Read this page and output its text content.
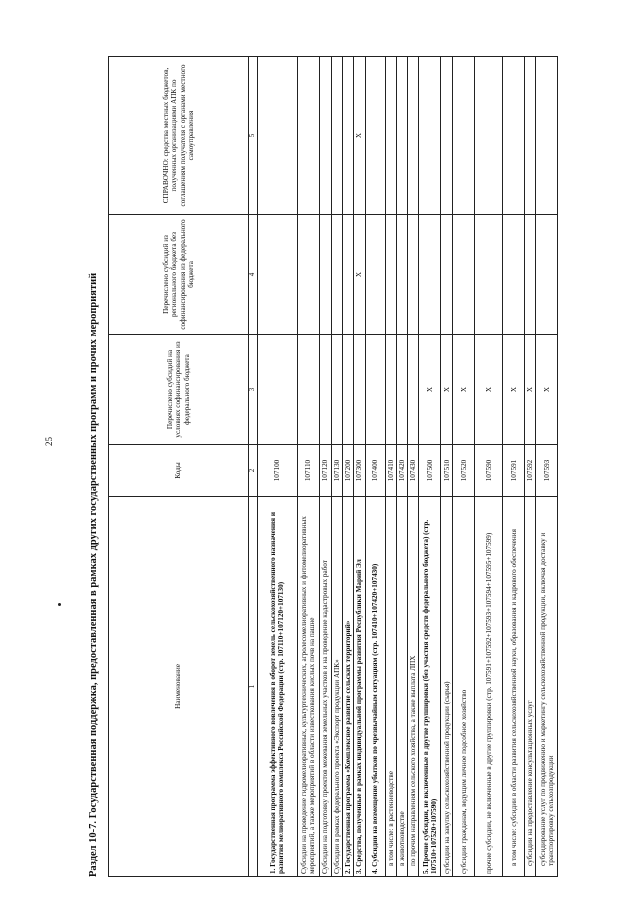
25	Раздел 10-7. Государственная поддержка, предоставленная в рамках других государственных программ и прочих мероприятий	Наименование	Коды	Перечислено субсидий на условиях софинансирования из федерального бюджета	Перечислено субсидий из регионального бюджета без софинансирования из федерального бюджета	СПРАВОЧНО: средства местных бюджетов, полученных организациями АПК по соглашениям получателя с органами местного самоуправления
1	2	3	4	5
1. Государственная программа эффективного вовлечения в оборот земель сельскохозяйственного назначения и развития мелиоративного комплекса Российской Федерации (стр. 107110+107120+107130)	107100			
Субсидии на проведение гидромелиоративных, культуртехнических, агролесомелиоративных и фитомелиоративных мероприятий, а также мероприятий в области известкования кислых почв на пашне	107110			
Субсидии на подготовку проектов межевания земельных участков и на проведение кадастровых работ	107120			
Субсидии в рамках федерального проекта «Экспорт продукции АПК»	107130			
2. Государственная программа «Комплексное развитие сельских территорий»	107200			
3. Средства, полученные в рамках индивидуальной программы развития Республики Марий Эл	107300		X	X
4. Субсидии на возмещение убытков по чрезвычайным ситуациям (стр. 107410+107420+107430)	107400			
в том числе: в растениеводстве	107410			
в животноводстве	107420			
по прочим направлениям сельского хозяйства, а также выплата ЛПХ	107430			
5. Прочие субсидии, не включенные в другие группировки (без участия средств федерального бюджета) (стр. 107510+107520+107590)	107500	X		
субсидии на закупку сельскохозяйственной продукции (сырья)	107510	X		
субсидии гражданам, ведущим личное подсобное хозяйство	107520	X		
прочие субсидии, не включенные в другие группировки (стр. 107591+107592+107593+107594+107595+107599)	107590	X		
в том числе: субсидии в области развития сельскохозяйственной науки, образования и кадрового обеспечения	107591	X		
субсидии на предоставление консультационных услуг	107592	X		
субсидирование услуг по продвижению и маркетингу сельскохозяйственной продукции, включая доставку и транспортировку сельхозпродукции	107593	X		
